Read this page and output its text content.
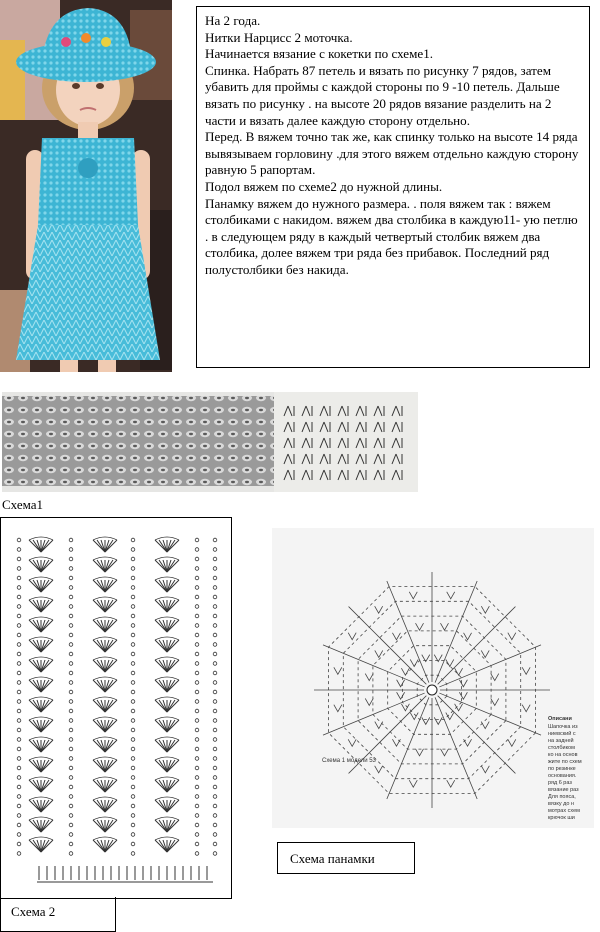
На 2 года.

Нитки Нарцисс 2 моточка.

Начинается вязание с кокетки по схеме1.

Спинка. Набрать 87 петель и вязать по рисунку 7 рядов, затем убавить для проймы с каждой стороны по 9 -10 петель. Дальше вязать по рисунку . на высоте 20 рядов вязание разделить на 2 части и вязать далее каждую сторону отдельно.

Перед. В вяжем точно так же, как спинку только на высоте 14 ряда вывязываем горловину .для этого вяжем отдельно каждую сторону равную 5 рапортам.

Подол вяжем по схеме2 до нужной длины.

Панамку вяжем до нужного размера. . поля вяжем так : вяжем столбиками с накидом. вяжем два столбика в каждую11- ую петлю . в следующем ряду в каждый четвертый столбик вяжем два столбика, долее вяжем три ряда без прибавок. Последний ряд полустолбики без накида.

Схема1
Схема 2
Схема 1 модели 53
Описани
Шапочка из
ниевский с
на задней
столбиком
ко на основ
жите по схем
по резинке
основания.
ряд 6 раз
вязание раз
Для пояса,
вязку до н
мотрах схем
крючок ши
Схема панамки
